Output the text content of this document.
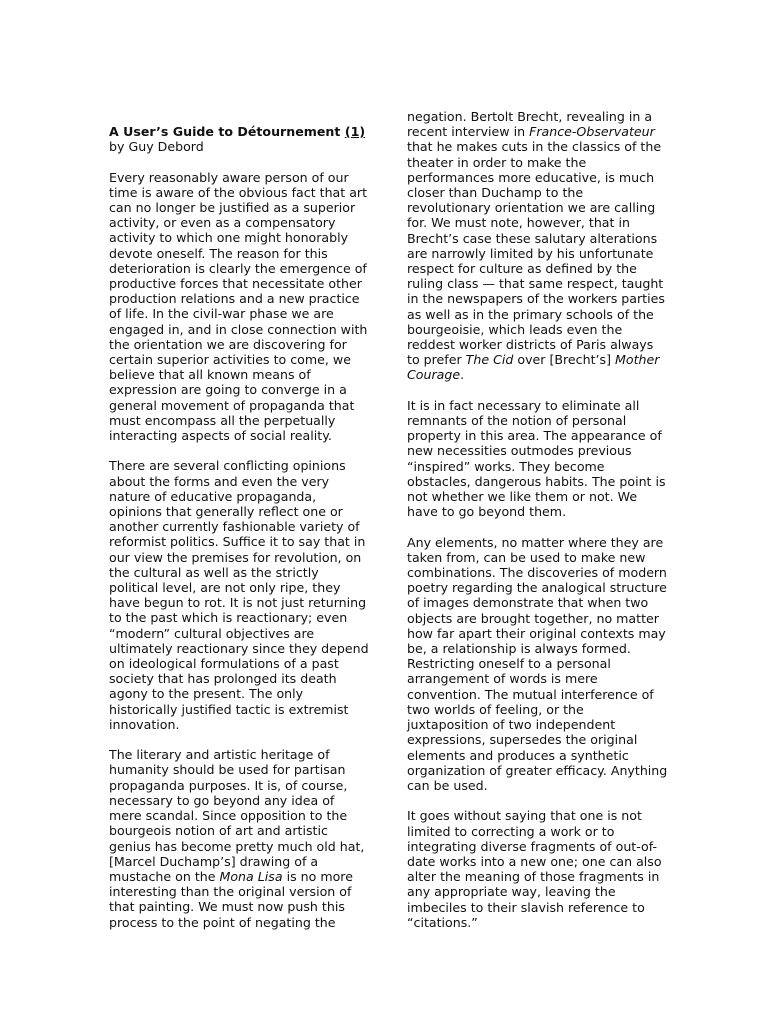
A User’s Guide to Détournement (1)
by Guy Debord

Every reasonably aware person of our time is aware of the obvious fact that art can no longer be justified as a superior activity, or even as a compensatory activity to which one might honorably devote oneself. The reason for this deterioration is clearly the emergence of productive forces that necessitate other production relations and a new practice of life. In the civil-war phase we are engaged in, and in close connection with the orientation we are discovering for certain superior activities to come, we believe that all known means of expression are going to converge in a general movement of propaganda that must encompass all the perpetually interacting aspects of social reality.

There are several conflicting opinions about the forms and even the very nature of educative propaganda, opinions that generally reflect one or another currently fashionable variety of reformist politics. Suffice it to say that in our view the premises for revolution, on the cultural as well as the strictly political level, are not only ripe, they have begun to rot. It is not just returning to the past which is reactionary; even “modern” cultural objectives are ultimately reactionary since they depend on ideological formulations of a past society that has prolonged its death agony to the present. The only historically justified tactic is extremist innovation.

The literary and artistic heritage of humanity should be used for partisan propaganda purposes. It is, of course, necessary to go beyond any idea of mere scandal. Since opposition to the bourgeois notion of art and artistic genius has become pretty much old hat, [Marcel Duchamp’s] drawing of a mustache on the Mona Lisa is no more interesting than the original version of that painting. We must now push this process to the point of negating the

negation. Bertolt Brecht, revealing in a recent interview in France-Observateur that he makes cuts in the classics of the theater in order to make the performances more educative, is much closer than Duchamp to the revolutionary orientation we are calling for. We must note, however, that in Brecht’s case these salutary alterations are narrowly limited by his unfortunate respect for culture as defined by the ruling class — that same respect, taught in the newspapers of the workers parties as well as in the primary schools of the bourgeoisie, which leads even the reddest worker districts of Paris always to prefer The Cid over [Brecht’s] Mother Courage.

It is in fact necessary to eliminate all remnants of the notion of personal property in this area. The appearance of new necessities outmodes previous “inspired” works. They become obstacles, dangerous habits. The point is not whether we like them or not. We have to go beyond them.

Any elements, no matter where they are taken from, can be used to make new combinations. The discoveries of modern poetry regarding the analogical structure of images demonstrate that when two objects are brought together, no matter how far apart their original contexts may be, a relationship is always formed. Restricting oneself to a personal arrangement of words is mere convention. The mutual interference of two worlds of feeling, or the juxtaposition of two independent expressions, supersedes the original elements and produces a synthetic organization of greater efficacy. Anything can be used.

It goes without saying that one is not limited to correcting a work or to integrating diverse fragments of out-of-date works into a new one; one can also alter the meaning of those fragments in any appropriate way, leaving the imbeciles to their slavish reference to “citations.”
